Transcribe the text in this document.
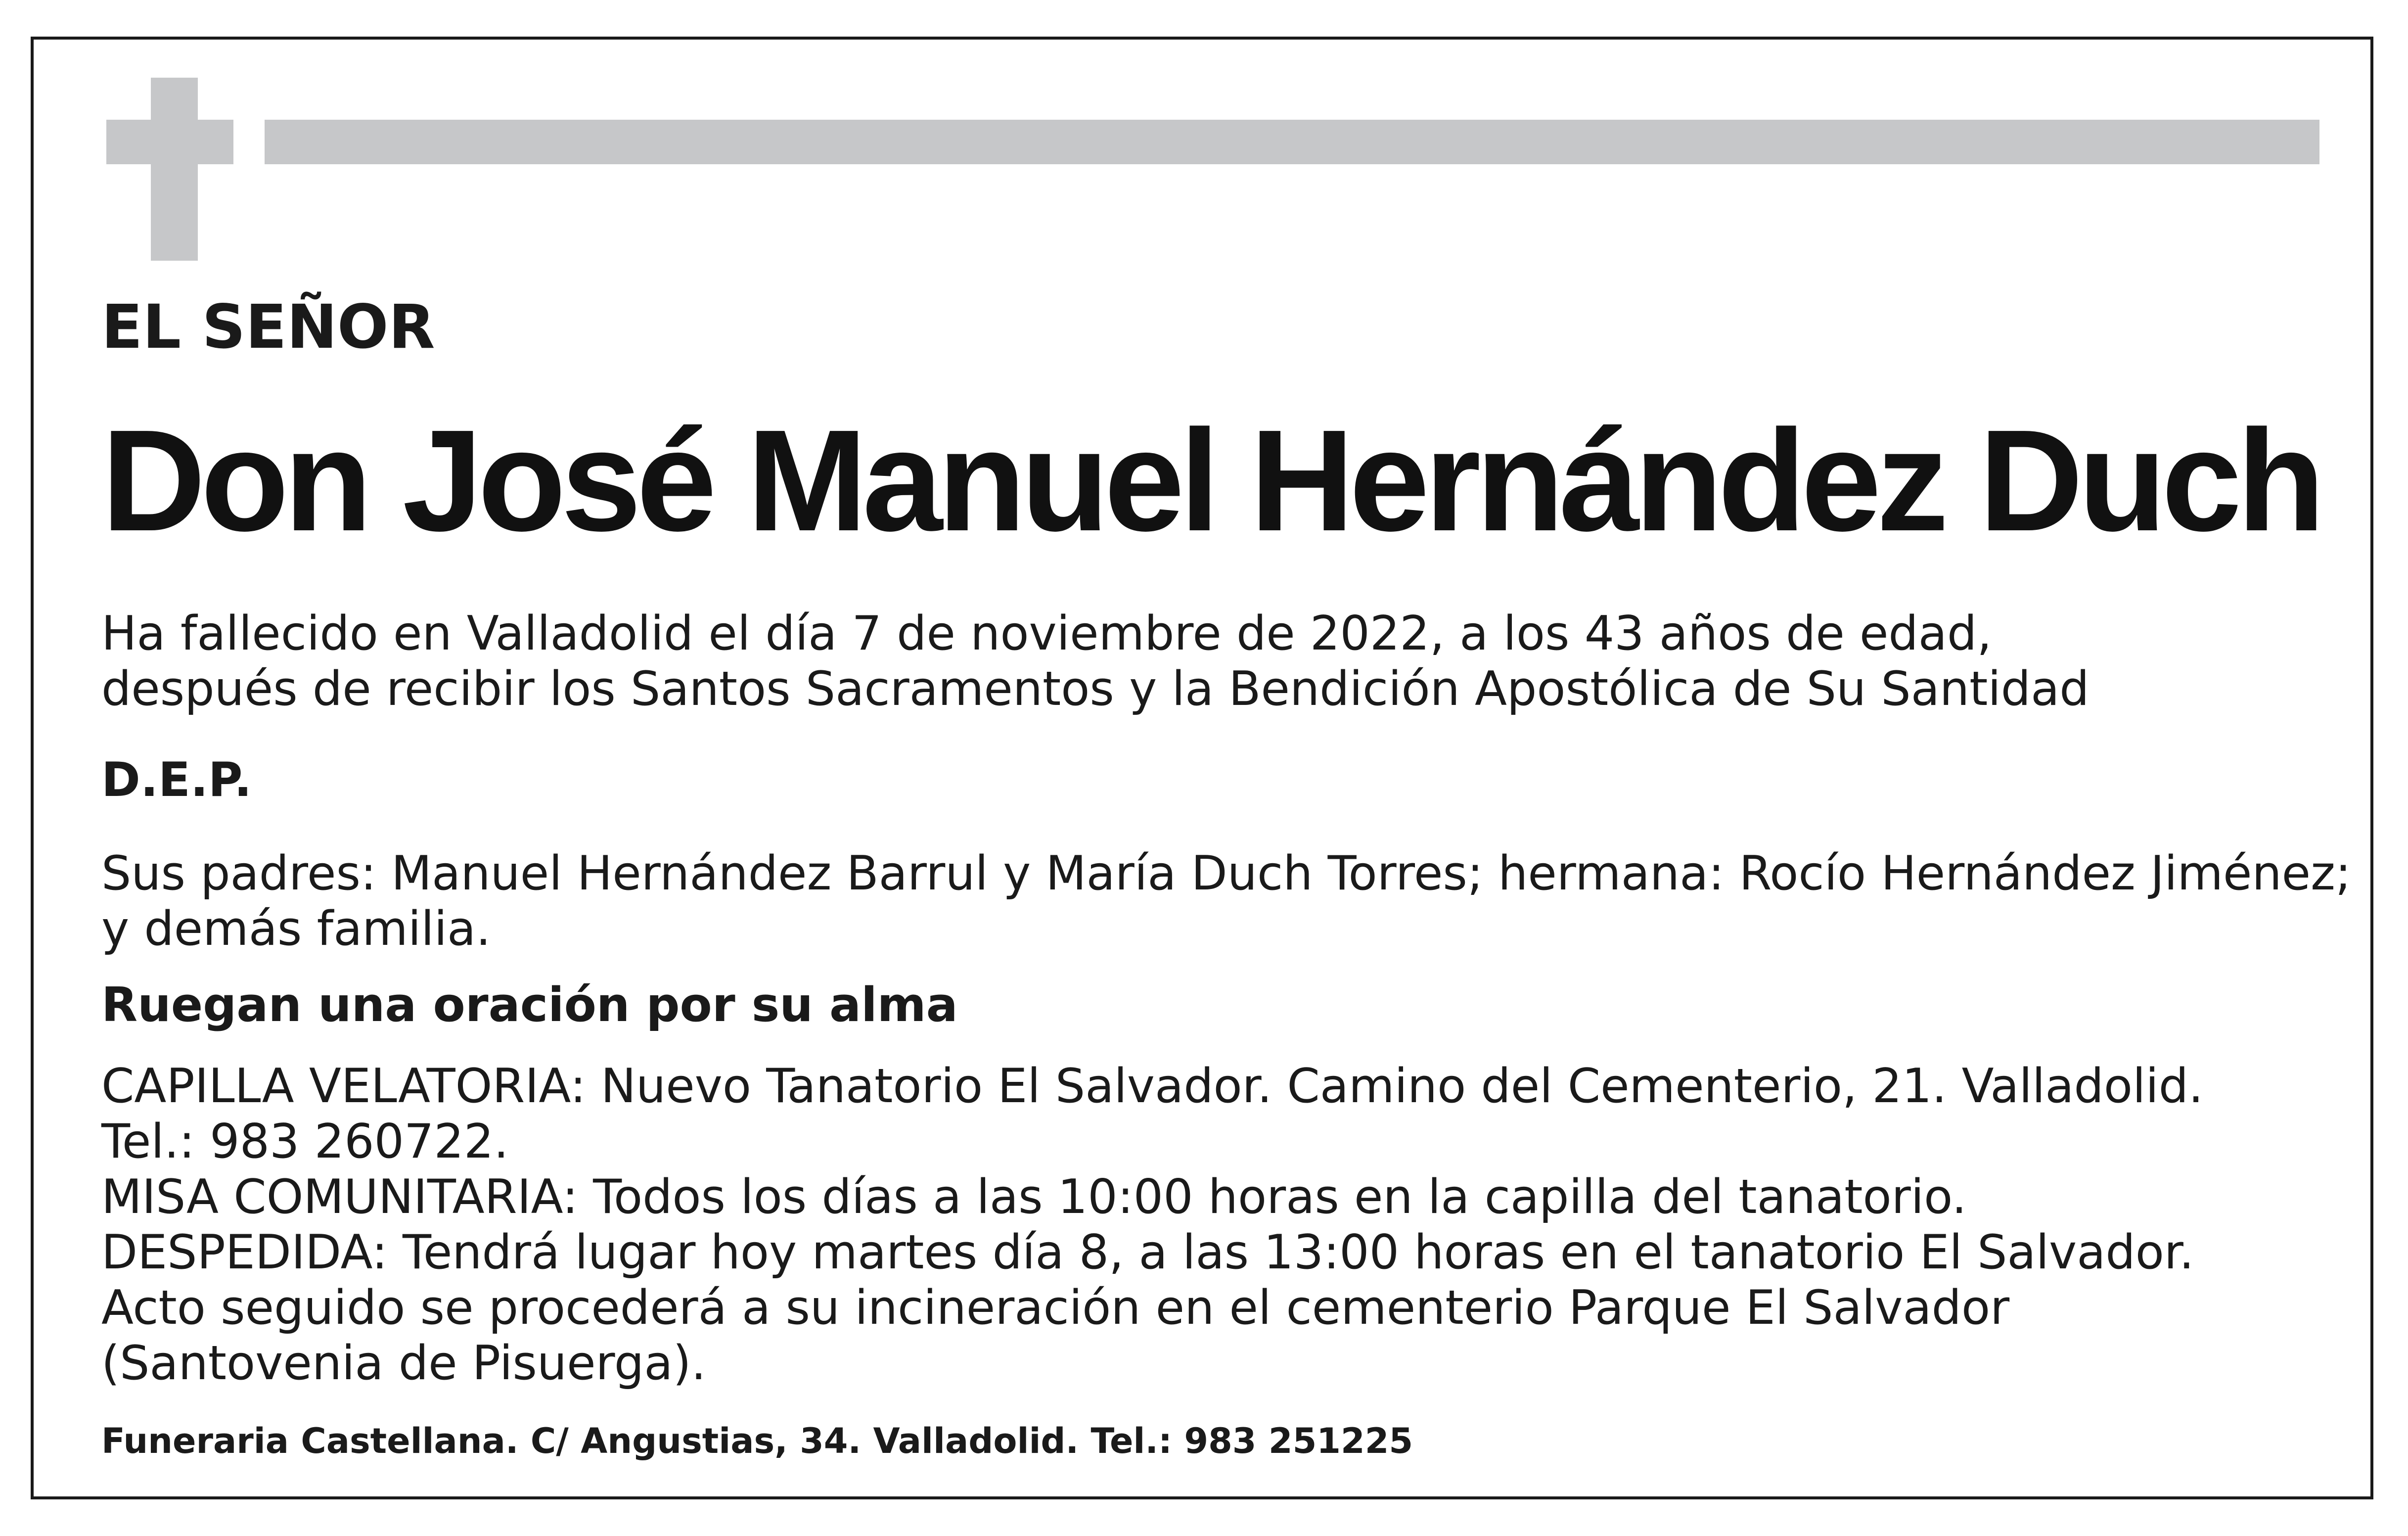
EL SEÑOR
Don José Manuel Hernández Duch
Ha fallecido en Valladolid el día 7 de noviembre de 2022, a los 43 años de edad,
después de recibir los Santos Sacramentos y la Bendición Apostólica de Su Santidad
D.E.P.
Sus padres: Manuel Hernández Barrul y María Duch Torres; hermana: Rocío Hernández Jiménez;
y demás familia.
Ruegan una oración por su alma
CAPILLA VELATORIA: Nuevo Tanatorio El Salvador. Camino del Cementerio, 21. Valladolid.
Tel.: 983 260722.
MISA COMUNITARIA: Todos los días a las 10:00 horas en la capilla del tanatorio.
DESPEDIDA: Tendrá lugar hoy martes día 8, a las 13:00 horas en el tanatorio El Salvador.
Acto seguido se procederá a su incineración en el cementerio Parque El Salvador
(Santovenia de Pisuerga).
Funeraria Castellana. C/ Angustias, 34. Valladolid. Tel.: 983 251225
